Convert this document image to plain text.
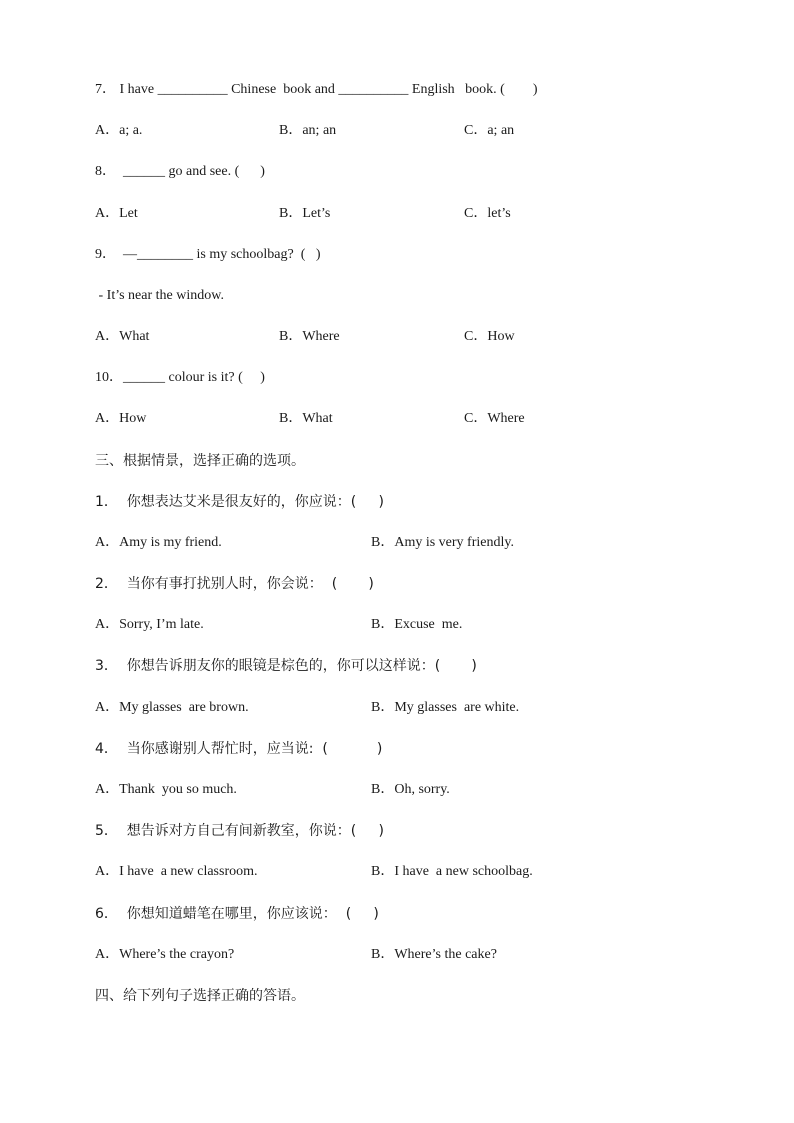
7． I have __________ Chinese  book and __________ English   book. (        )
A．a; a.	B．an; an	C．a; an
8．  ______ go and see. (      )
A．Let	B．Let’s	C．let’s
9．  —________ is my schoolbag?  (   )
- It’s near the window.
A．What	B．Where	C．How
10．______ colour is it? (     )
A．How	B．What	C．Where
三、根据情景，选择正确的选项。
1．  你想表达艾米是很友好的，你应说：(     )
A．Amy is my friend.	B．Amy is very friendly.
2．  当你有事打扰别人时，你会说：  (       )
A．Sorry, I’m late.	B．Excuse  me.
3．  你想告诉朋友你的眼镜是棕色的，你可以这样说：(       )
A．My glasses  are brown.	B．My glasses  are white.
4．  当你感谢别人帮忙时，应当说:  (           )
A．Thank  you so much.	B．Oh, sorry.
5．  想告诉对方自己有间新教室，你说：(     )
A．I have  a new classroom.	B．I have  a new schoolbag.
6．  你想知道蜡笔在哪里，你应该说：  (     )
A．Where’s the crayon?	B．Where’s the cake?
四、给下列句子选择正确的答语。
